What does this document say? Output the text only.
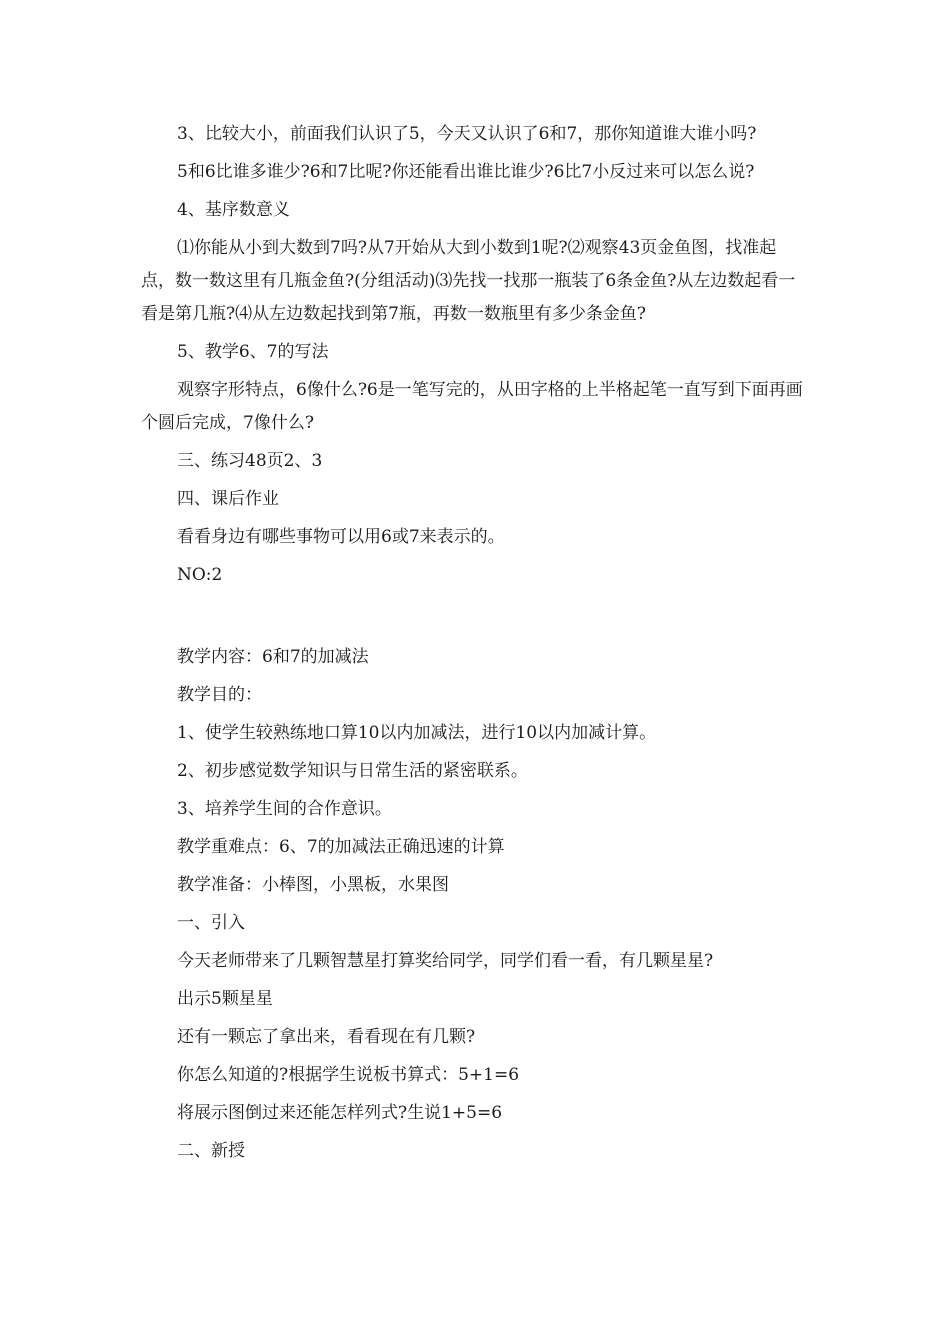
3、比较大小，前面我们认识了5，今天又认识了6和7，那你知道谁大谁小吗?

5和6比谁多谁少?6和7比呢?你还能看出谁比谁少?6比7小反过来可以怎么说?

4、基序数意义

⑴你能从小到大数到7吗?从7开始从大到小数到1呢?⑵观察43页金鱼图，找准起点，数一数这里有几瓶金鱼?(分组活动)⑶先找一找那一瓶装了6条金鱼?从左边数起看一看是第几瓶?⑷从左边数起找到第7瓶，再数一数瓶里有多少条金鱼?

5、教学6、7的写法

观察字形特点，6像什么?6是一笔写完的，从田字格的上半格起笔一直写到下面再画个圆后完成，7像什么?

三、练习48页2、3

四、课后作业

看看身边有哪些事物可以用6或7来表示的。

NO:2

教学内容：6和7的加减法

教学目的：

1、使学生较熟练地口算10以内加减法，进行10以内加减计算。

2、初步感觉数学知识与日常生活的紧密联系。

3、培养学生间的合作意识。

教学重难点：6、7的加减法正确迅速的计算

教学准备：小棒图，小黑板，水果图

一、引入

今天老师带来了几颗智慧星打算奖给同学，同学们看一看，有几颗星星?

出示5颗星星

还有一颗忘了拿出来，看看现在有几颗?

你怎么知道的?根据学生说板书算式：5+1=6

将展示图倒过来还能怎样列式?生说1+5=6

二、新授
